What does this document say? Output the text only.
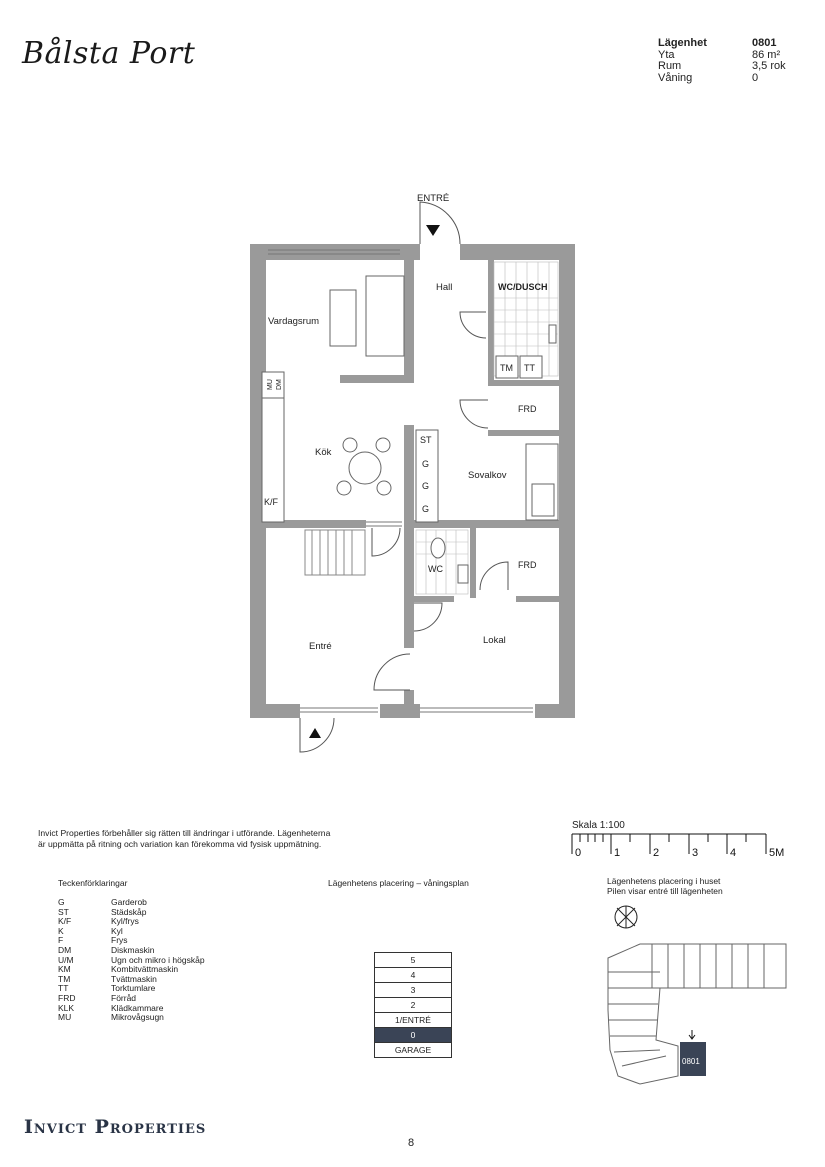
Bålsta Port	Lägenhet	0801
Yta	86 m²
Rum	3,5 rok
Våning	0
ENTRÉ
Hall	WC/DUSCH
Vardagsrum
TM TT
FRD
Kök
ST
G
G
G
Sovalkov
K/F
MU DM
WC	FRD
Entré
Lokal
Invict Properties förbehåller sig rätten till ändringar i utförande. Lägenheterna
är uppmätta på ritning och variation kan förekomma vid fysisk uppmätning.
Skala 1:100
0	1	2	3	4	5M
Teckenförklaringar
G	Garderob
ST	Städskåp
K/F	Kyl/frys
K	Kyl
F	Frys
DM	Diskmaskin
U/M	Ugn och mikro i högskåp
KM	Kombitvättmaskin
TM	Tvättmaskin
TT	Torktumlare
FRD	Förråd
KLK	Klädkammare
MU	Mikrovågsugn
Lägenhetens placering – våningsplan
5
4
3
2
1/ENTRÉ
0
GARAGE
Lägenhetens placering i huset
Pilen visar entré till lägenheten
0801
Invict Properties
8
